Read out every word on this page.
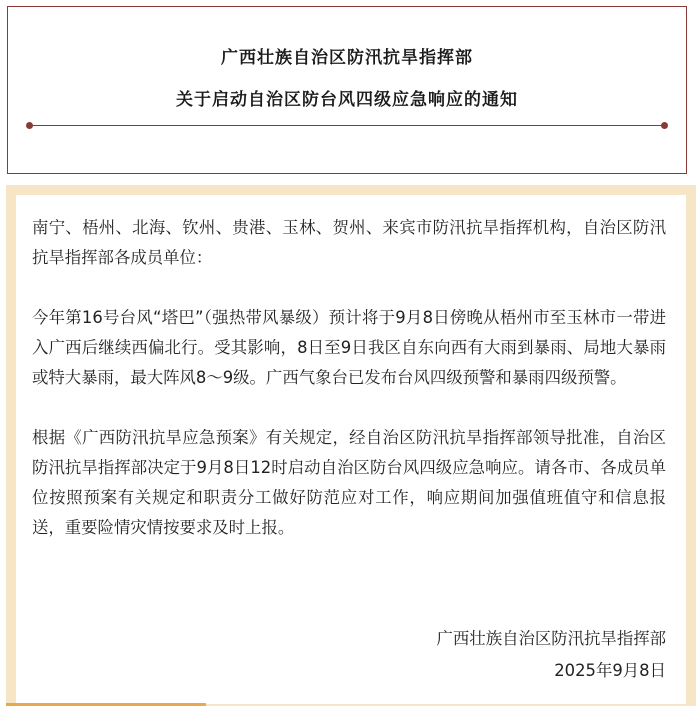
广西壮族自治区防汛抗旱指挥部
关于启动自治区防台风四级应急响应的通知

南宁、梧州、北海、钦州、贵港、玉林、贺州、来宾市防汛抗旱指挥机构，自治区防汛抗旱指挥部各成员单位：

今年第16号台风“塔巴”（强热带风暴级）预计将于9月8日傍晚从梧州市至玉林市一带进入广西后继续西偏北行。受其影响，8日至9日我区自东向西有大雨到暴雨、局地大暴雨或特大暴雨，最大阵风8～9级。广西气象台已发布台风四级预警和暴雨四级预警。

根据《广西防汛抗旱应急预案》有关规定，经自治区防汛抗旱指挥部领导批准，自治区防汛抗旱指挥部决定于9月8日12时启动自治区防台风四级应急响应。请各市、各成员单位按照预案有关规定和职责分工做好防范应对工作，响应期间加强值班值守和信息报送，重要险情灾情按要求及时上报。

广西壮族自治区防汛抗旱指挥部
2025年9月8日
